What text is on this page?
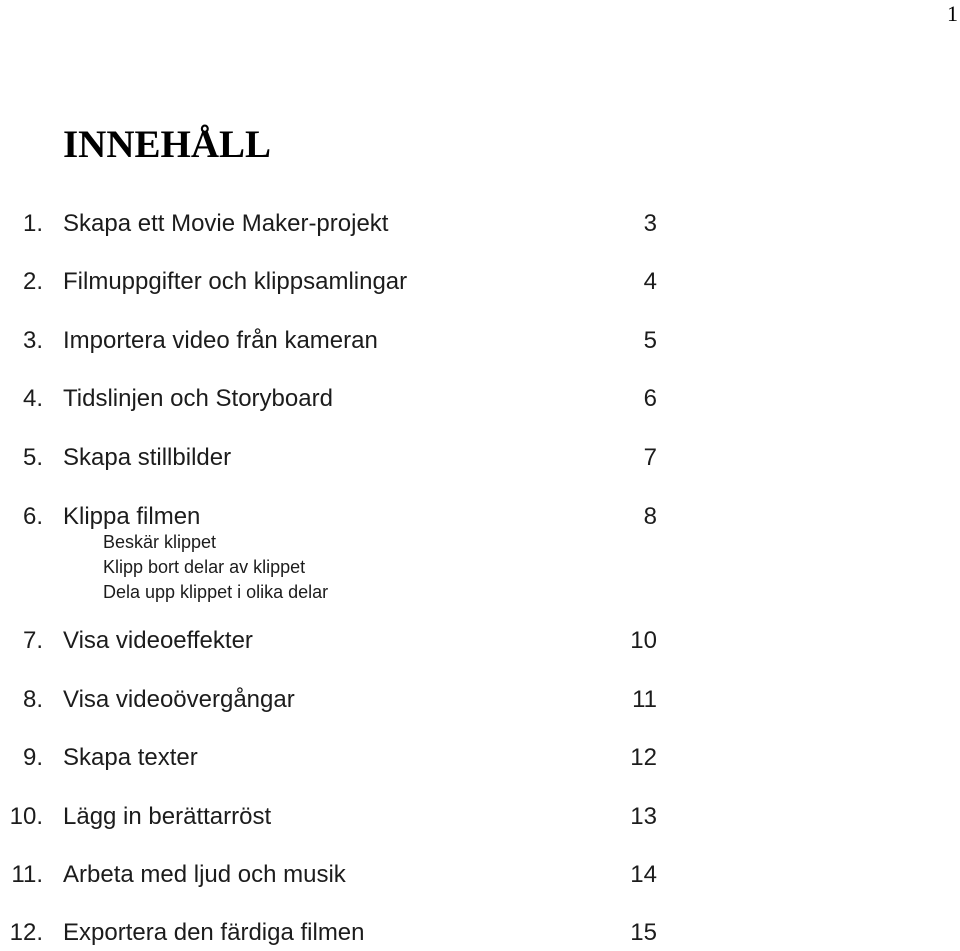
1
INNEHÅLL
1. Skapa ett Movie Maker-projekt	3
2. Filmuppgifter och klippsamlingar	4
3. Importera video från kameran	5
4. Tidslinjen och Storyboard	6
5. Skapa stillbilder	7
6. Klippa filmen	8
Beskär klippet
Klipp bort delar av klippet
Dela upp klippet i olika delar
7. Visa videoeffekter	10
8. Visa videoövergångar	11
9. Skapa texter	12
10. Lägg in berättarröst	13
11. Arbeta med ljud och musik	14
12. Exportera den färdiga filmen	15
